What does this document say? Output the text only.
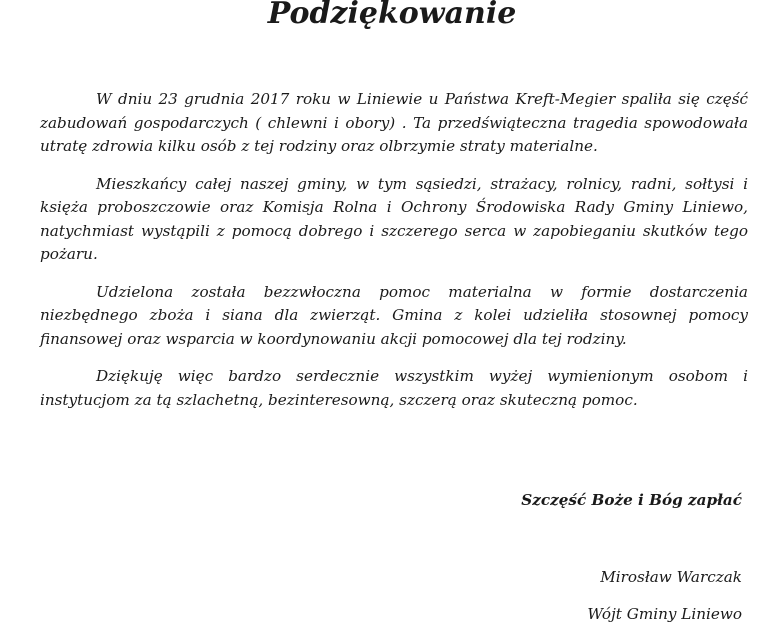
Podziękowanie

W dniu 23 grudnia 2017 roku w Liniewie u Państwa Kreft-Megier spaliła się część zabudowań gospodarczych ( chlewni i obory) . Ta przedświąteczna tragedia spowodowała utratę zdrowia kilku osób z tej rodziny oraz olbrzymie straty materialne.

Mieszkańcy całej naszej gminy, w tym sąsiedzi, strażacy, rolnicy, radni, sołtysi i księża proboszczowie oraz Komisja Rolna i Ochrony Środowiska Rady Gminy Liniewo, natychmiast wystąpili z pomocą dobrego i szczerego serca w zapobieganiu skutków tego pożaru.

Udzielona została bezzwłoczna pomoc materialna w formie dostarczenia niezbędnego zboża i siana dla zwierząt. Gmina z kolei udzieliła stosownej pomocy finansowej oraz wsparcia w koordynowaniu akcji pomocowej dla tej rodziny.

Dziękuję więc bardzo serdecznie wszystkim wyżej wymienionym osobom i instytucjom za tą szlachetną, bezinteresowną, szczerą oraz skuteczną pomoc.

Szczęść Boże i Bóg zapłać
Mirosław Warczak
Wójt Gminy Liniewo
